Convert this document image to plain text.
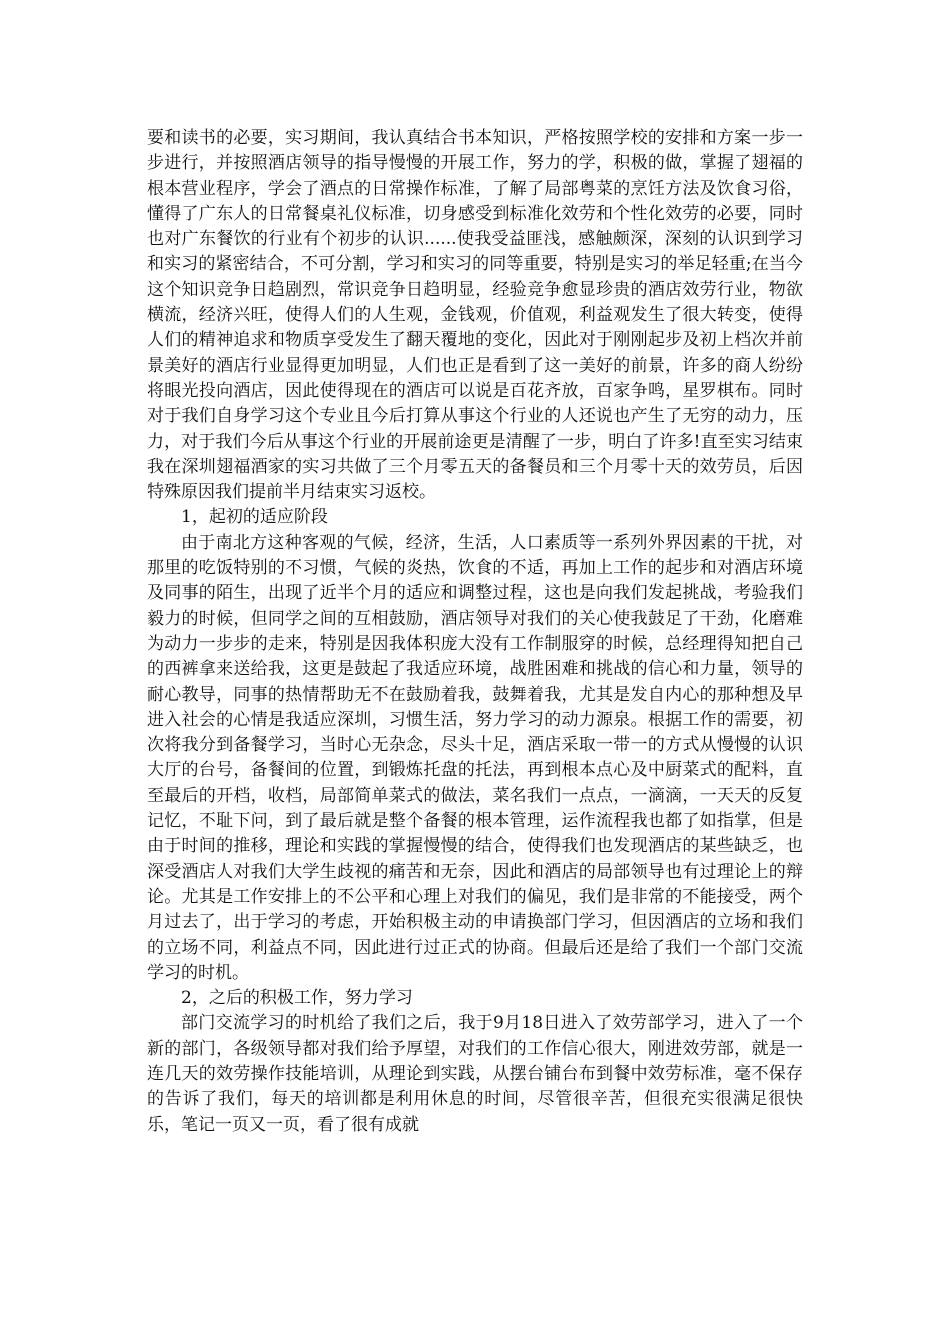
要和读书的必要，实习期间，我认真结合书本知识，严格按照学校的安排和方案一步一步进行，并按照酒店领导的指导慢慢的开展工作，努力的学，积极的做，掌握了翅福的根本营业程序，学会了酒点的日常操作标准，了解了局部粤菜的烹饪方法及饮食习俗，懂得了广东人的日常餐桌礼仪标准，切身感受到标准化效劳和个性化效劳的必要，同时也对广东餐饮的行业有个初步的认识......使我受益匪浅，感触颇深，深刻的认识到学习和实习的紧密结合，不可分割，学习和实习的同等重要，特别是实习的举足轻重;在当今这个知识竞争日趋剧烈，常识竞争日趋明显，经验竞争愈显珍贵的酒店效劳行业，物欲横流，经济兴旺，使得人们的人生观，金钱观，价值观，利益观发生了很大转变，使得人们的精神追求和物质享受发生了翻天覆地的变化，因此对于刚刚起步及初上档次并前景美好的酒店行业显得更加明显，人们也正是看到了这一美好的前景，许多的商人纷纷将眼光投向酒店，因此使得现在的酒店可以说是百花齐放，百家争鸣，星罗棋布。同时对于我们自身学习这个专业且今后打算从事这个行业的人还说也产生了无穷的动力，压力，对于我们今后从事这个行业的开展前途更是清醒了一步，明白了许多!直至实习结束我在深圳翅福酒家的实习共做了三个月零五天的备餐员和三个月零十天的效劳员，后因特殊原因我们提前半月结束实习返校。

1，起初的适应阶段

由于南北方这种客观的气候，经济，生活，人口素质等一系列外界因素的干扰，对那里的吃饭特别的不习惯，气候的炎热，饮食的不适，再加上工作的起步和对酒店环境及同事的陌生，出现了近半个月的适应和调整过程，这也是向我们发起挑战，考验我们毅力的时候，但同学之间的互相鼓励，酒店领导对我们的关心使我鼓足了干劲，化磨难为动力一步步的走来，特别是因我体积庞大没有工作制服穿的时候，总经理得知把自己的西裤拿来送给我，这更是鼓起了我适应环境，战胜困难和挑战的信心和力量，领导的耐心教导，同事的热情帮助无不在鼓励着我，鼓舞着我，尤其是发自内心的那种想及早进入社会的心情是我适应深圳，习惯生活，努力学习的动力源泉。根据工作的需要，初次将我分到备餐学习，当时心无杂念，尽头十足，酒店采取一带一的方式从慢慢的认识大厅的台号，备餐间的位置，到锻炼托盘的托法，再到根本点心及中厨菜式的配料，直至最后的开档，收档，局部简单菜式的做法，菜名我们一点点，一滴滴，一天天的反复记忆，不耻下问，到了最后就是整个备餐的根本管理，运作流程我也都了如指掌，但是由于时间的推移，理论和实践的掌握慢慢的结合，使得我们也发现酒店的某些缺乏，也深受酒店人对我们大学生歧视的痛苦和无奈，因此和酒店的局部领导也有过理论上的辩论。尤其是工作安排上的不公平和心理上对我们的偏见，我们是非常的不能接受，两个月过去了，出于学习的考虑，开始积极主动的申请换部门学习，但因酒店的立场和我们的立场不同，利益点不同，因此进行过正式的协商。但最后还是给了我们一个部门交流学习的时机。

2，之后的积极工作，努力学习

部门交流学习的时机给了我们之后，我于9月18日进入了效劳部学习，进入了一个新的部门，各级领导都对我们给予厚望，对我们的工作信心很大，刚进效劳部，就是一连几天的效劳操作技能培训，从理论到实践，从摆台铺台布到餐中效劳标准，毫不保存的告诉了我们，每天的培训都是利用休息的时间，尽管很辛苦，但很充实很满足很快乐，笔记一页又一页，看了很有成就
